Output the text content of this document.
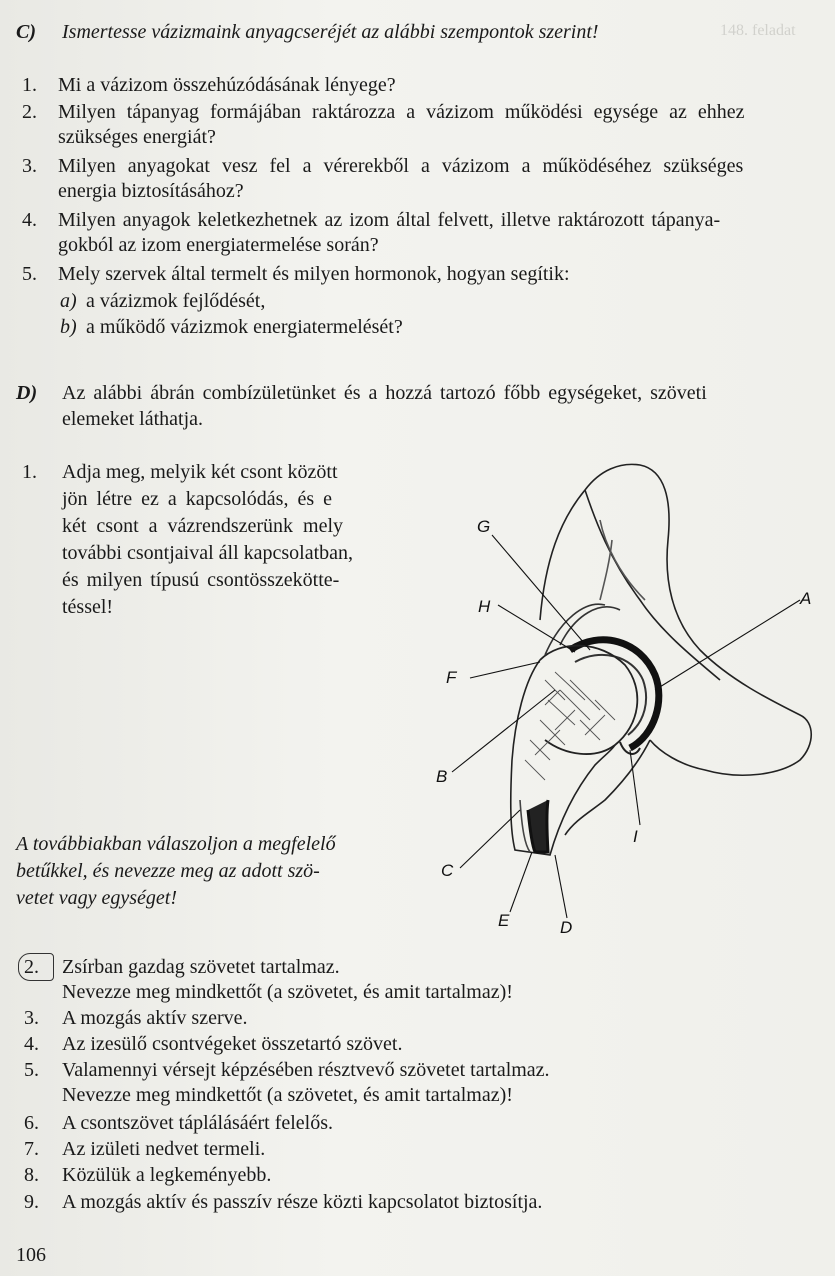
148. feladat
C) Ismertesse vázizmaink anyagcseréjét az alábbi szempontok szerint!
1. Mi a vázizom összehúzódásának lényege?
2. Milyen tápanyag formájában raktározza a vázizom működési egysége az ehhez
szükséges energiát?
3. Milyen anyagokat vesz fel a vérerekből a vázizom a működéséhez szükséges
energia biztosításához?
4. Milyen anyagok keletkezhetnek az izom által felvett, illetve raktározott tápanya-
gokból az izom energiatermelése során?
5. Mely szervek által termelt és milyen hormonok, hogyan segítik:
a) a vázizmok fejlődését,
b) a működő vázizmok energiatermelését?
D) Az alábbi ábrán combízületünket és a hozzá tartozó főbb egységeket, szöveti
elemeket láthatja.
1. Adja meg, melyik két csont között
jön létre ez a kapcsolódás, és e
két csont a vázrendszerünk mely
további csontjaival áll kapcsolatban,
és milyen típusú csontösszekötte-
téssel!
A továbbiakban válaszoljon a megfelelő
betűkkel, és nevezze meg az adott szö-
vetet vagy egységet!
2. Zsírban gazdag szövetet tartalmaz.
Nevezze meg mindkettőt (a szövetet, és amit tartalmaz)!
3. A mozgás aktív szerve.
4. Az izesülő csontvégeket összetartó szövet.
5. Valamennyi vérsejt képzésében résztvevő szövetet tartalmaz.
Nevezze meg mindkettőt (a szövetet, és amit tartalmaz)!
6. A csontszövet táplálásáért felelős.
7. Az izületi nedvet termeli.
8. Közülük a legkeményebb.
9. A mozgás aktív és passzív része közti kapcsolatot biztosítja.
106
G
H	A
F
B
C
E	D
I
